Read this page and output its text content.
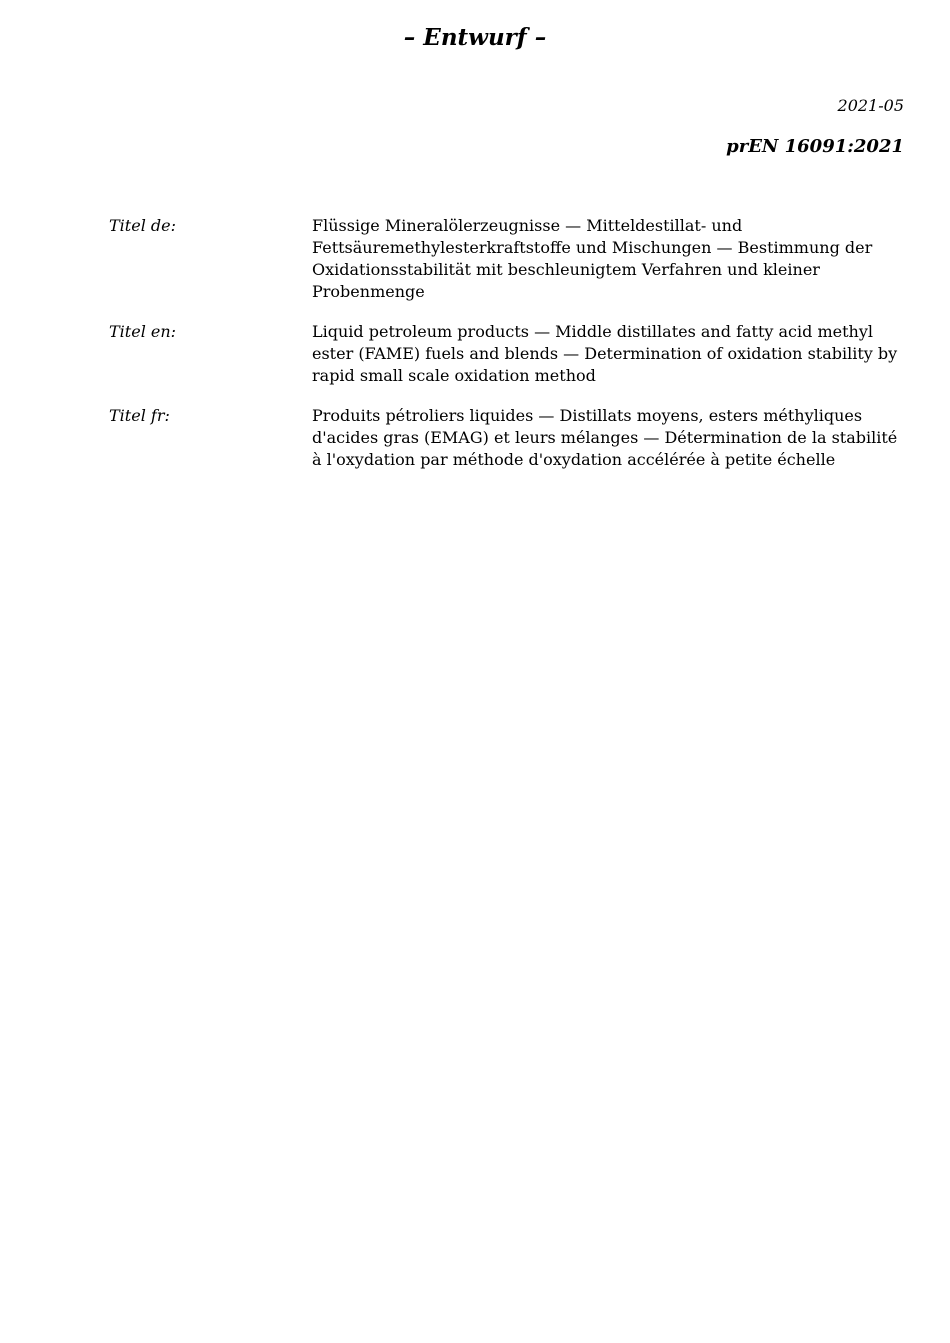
– Entwurf –
2021-05
prEN 16091:2021
Titel de:	Flüssige Mineralölerzeugnisse — Mitteldestillat- und Fettsäuremethylesterkraftstoffe und Mischungen — Bestimmung der Oxidationsstabilität mit beschleunigtem Verfahren und kleiner Probenmenge
Titel en:	Liquid petroleum products — Middle distillates and fatty acid methyl ester (FAME) fuels and blends — Determination of oxidation stability by rapid small scale oxidation method
Titel fr:	Produits pétroliers liquides — Distillats moyens, esters méthyliques d'acides gras (EMAG) et leurs mélanges — Détermination de la stabilité à l'oxydation par méthode d'oxydation accélérée à petite échelle
